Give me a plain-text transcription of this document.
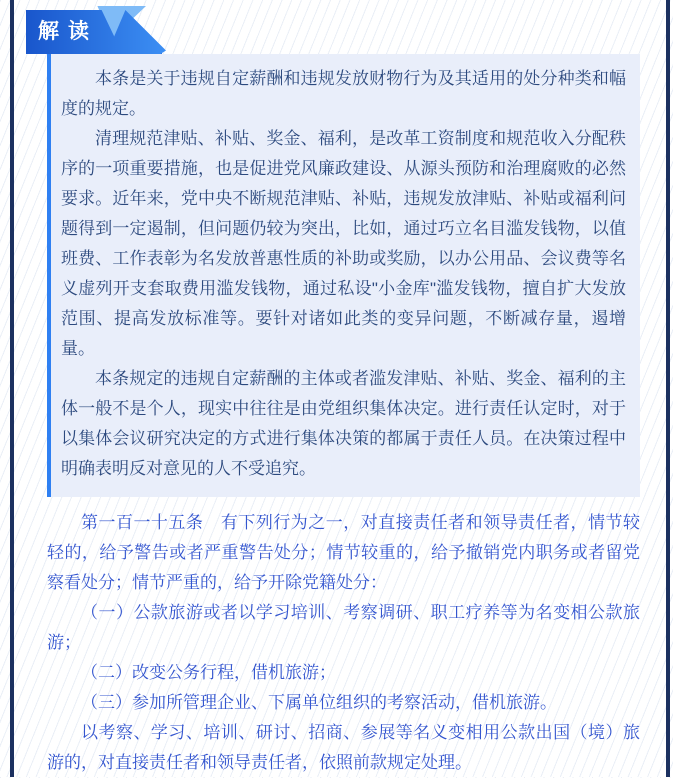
解读

本条是关于违规自定薪酬和违规发放财物行为及其适用的处分种类和幅度的规定。

清理规范津贴、补贴、奖金、福利，是改革工资制度和规范收入分配秩序的一项重要措施，也是促进党风廉政建设、从源头预防和治理腐败的必然要求。近年来，党中央不断规范津贴、补贴，违规发放津贴、补贴或福利问题得到一定遏制，但问题仍较为突出，比如，通过巧立名目滥发钱物，以值班费、工作表彰为名发放普惠性质的补助或奖励，以办公用品、会议费等名义虚列开支套取费用滥发钱物，通过私设"小金库"滥发钱物，擅自扩大发放范围、提高发放标准等。要针对诸如此类的变异问题，不断减存量，遏增量。

本条规定的违规自定薪酬的主体或者滥发津贴、补贴、奖金、福利的主体一般不是个人，现实中往往是由党组织集体决定。进行责任认定时，对于以集体会议研究决定的方式进行集体决策的都属于责任人员。在决策过程中明确表明反对意见的人不受追究。

第一百一十五条　有下列行为之一，对直接责任者和领导责任者，情节较轻的，给予警告或者严重警告处分；情节较重的，给予撤销党内职务或者留党察看处分；情节严重的，给予开除党籍处分：

（一）公款旅游或者以学习培训、考察调研、职工疗养等为名变相公款旅游；

（二）改变公务行程，借机旅游；

（三）参加所管理企业、下属单位组织的考察活动，借机旅游。

以考察、学习、培训、研讨、招商、参展等名义变相用公款出国（境）旅游的，对直接责任者和领导责任者，依照前款规定处理。
